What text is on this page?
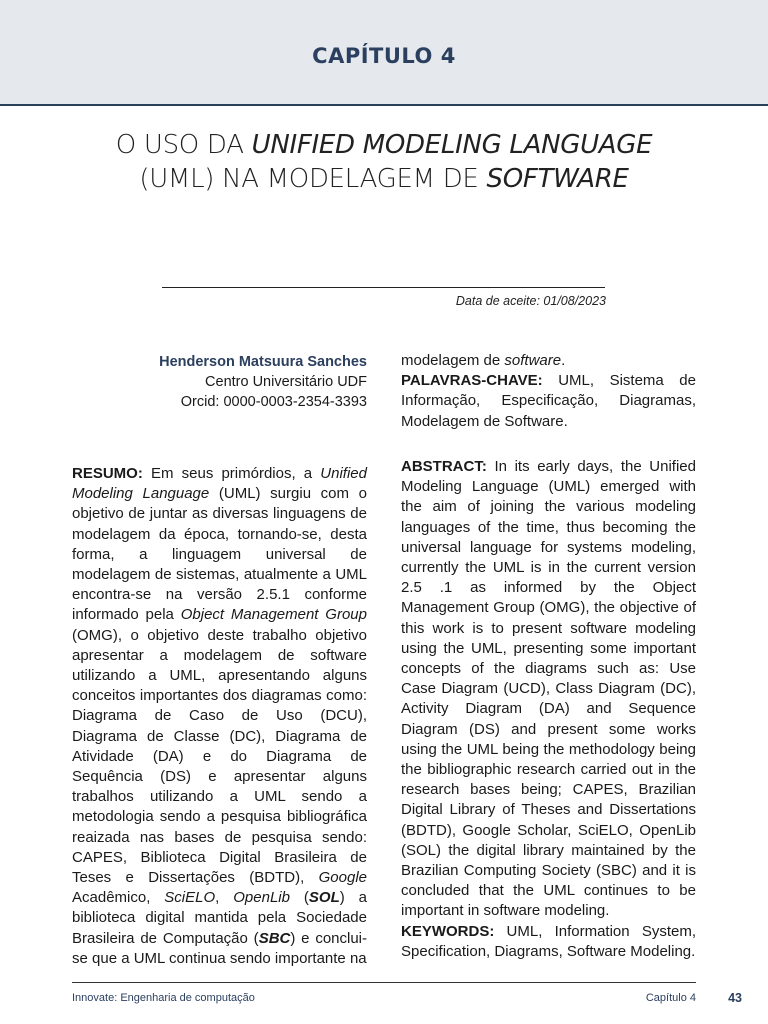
CAPÍTULO 4
O USO DA UNIFIED MODELING LANGUAGE
(UML) NA MODELAGEM DE SOFTWARE
Data de aceite: 01/08/2023
Henderson Matsuura Sanches
Centro Universitário UDF
Orcid: 0000-0003-2354-3393
RESUMO: Em seus primórdios, a Unified Modeling Language (UML) surgiu com o objetivo de juntar as diversas linguagens de modelagem da época, tornando-se, desta forma, a linguagem universal de modelagem de sistemas, atualmente a UML encontra-se na versão 2.5.1 conforme informado pela Object Management Group (OMG), o objetivo deste trabalho objetivo apresentar a modelagem de software utilizando a UML, apresentando alguns conceitos importantes dos diagramas como: Diagrama de Caso de Uso (DCU), Diagrama de Classe (DC), Diagrama de Atividade (DA) e do Diagrama de Sequência (DS) e apresentar alguns trabalhos utilizando a UML sendo a metodologia sendo a pesquisa bibliográfica reaizada nas bases de pesquisa sendo: CAPES, Biblioteca Digital Brasileira de Teses e Dissertações (BDTD), Google Acadêmico, SciELO, OpenLib (SOL) a biblioteca digital mantida pela Sociedade Brasileira de Computação (SBC) e conclui-se que a UML continua sendo importante na
modelagem de software.
PALAVRAS-CHAVE: UML, Sistema de Informação, Especificação, Diagramas, Modelagem de Software.
ABSTRACT: In its early days, the Unified Modeling Language (UML) emerged with the aim of joining the various modeling languages of the time, thus becoming the universal language for systems modeling, currently the UML is in the current version 2.5 .1 as informed by the Object Management Group (OMG), the objective of this work is to present software modeling using the UML, presenting some important concepts of the diagrams such as: Use Case Diagram (UCD), Class Diagram (DC), Activity Diagram (DA) and Sequence Diagram (DS) and present some works using the UML being the methodology being the bibliographic research carried out in the research bases being; CAPES, Brazilian Digital Library of Theses and Dissertations (BDTD), Google Scholar, SciELO, OpenLib (SOL) the digital library maintained by the Brazilian Computing Society (SBC) and it is concluded that the UML continues to be important in software modeling.
KEYWORDS: UML, Information System, Specification, Diagrams, Software Modeling.
Innovate: Engenharia de computação	Capítulo 4	43
